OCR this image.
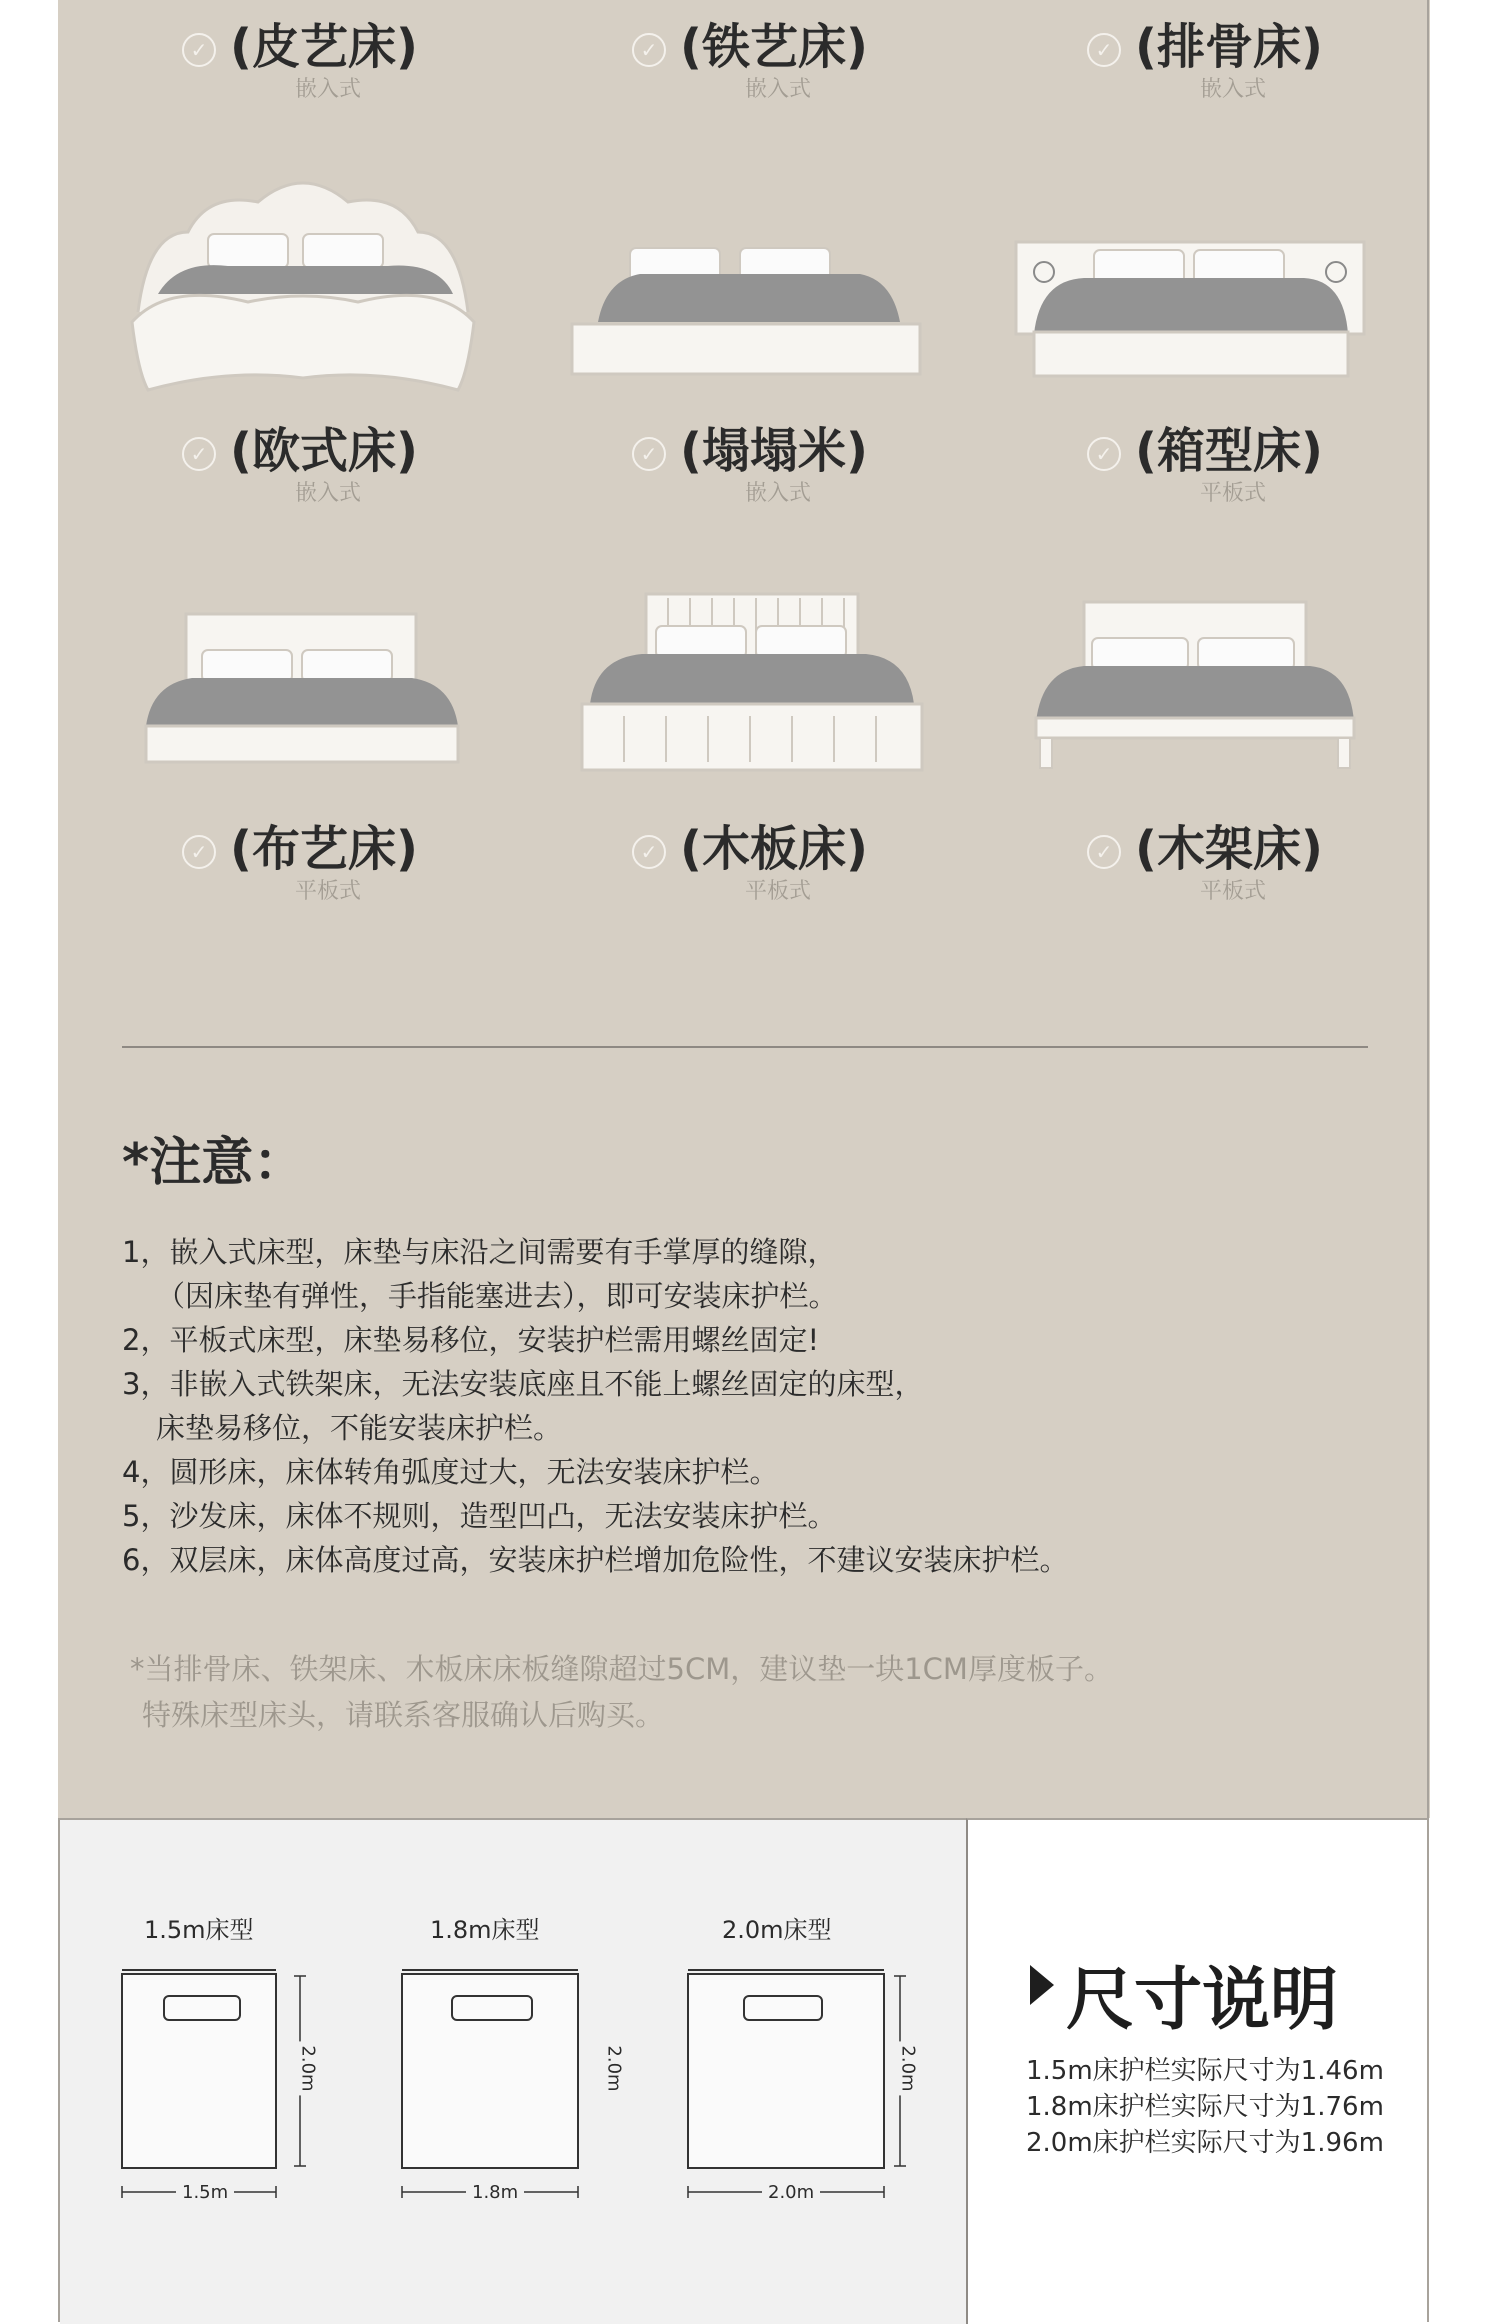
✓ (皮艺床)
嵌入式
✓ (铁艺床)
嵌入式
✓ (排骨床)
嵌入式
✓ (欧式床)
嵌入式
✓ (塌塌米)
嵌入式
✓ (箱型床)
平板式
✓ (布艺床)
平板式
✓ (木板床)
平板式
✓ (木架床)
平板式
*注意：
1，嵌入式床型，床垫与床沿之间需要有手掌厚的缝隙，
（因床垫有弹性，手指能塞进去），即可安装床护栏。
2，平板式床型，床垫易移位，安装护栏需用螺丝固定!
3，非嵌入式铁架床，无法安装底座且不能上螺丝固定的床型，
床垫易移位，不能安装床护栏。
4，圆形床，床体转角弧度过大，无法安装床护栏。
5，沙发床，床体不规则，造型凹凸，无法安装床护栏。
6，双层床，床体高度过高，安装床护栏增加危险性，不建议安装床护栏。
*当排骨床、铁架床、木板床床板缝隙超过5CM，建议垫一块1CM厚度板子。
特殊床型床头，请联系客服确认后购买。
1.5m床型	1.8m床型	2.0m床型
1.5m	1.8m	2.0m
2.0m	2.0m	2.0m
尺寸说明
1.5m床护栏实际尺寸为1.46m
1.8m床护栏实际尺寸为1.76m
2.0m床护栏实际尺寸为1.96m
